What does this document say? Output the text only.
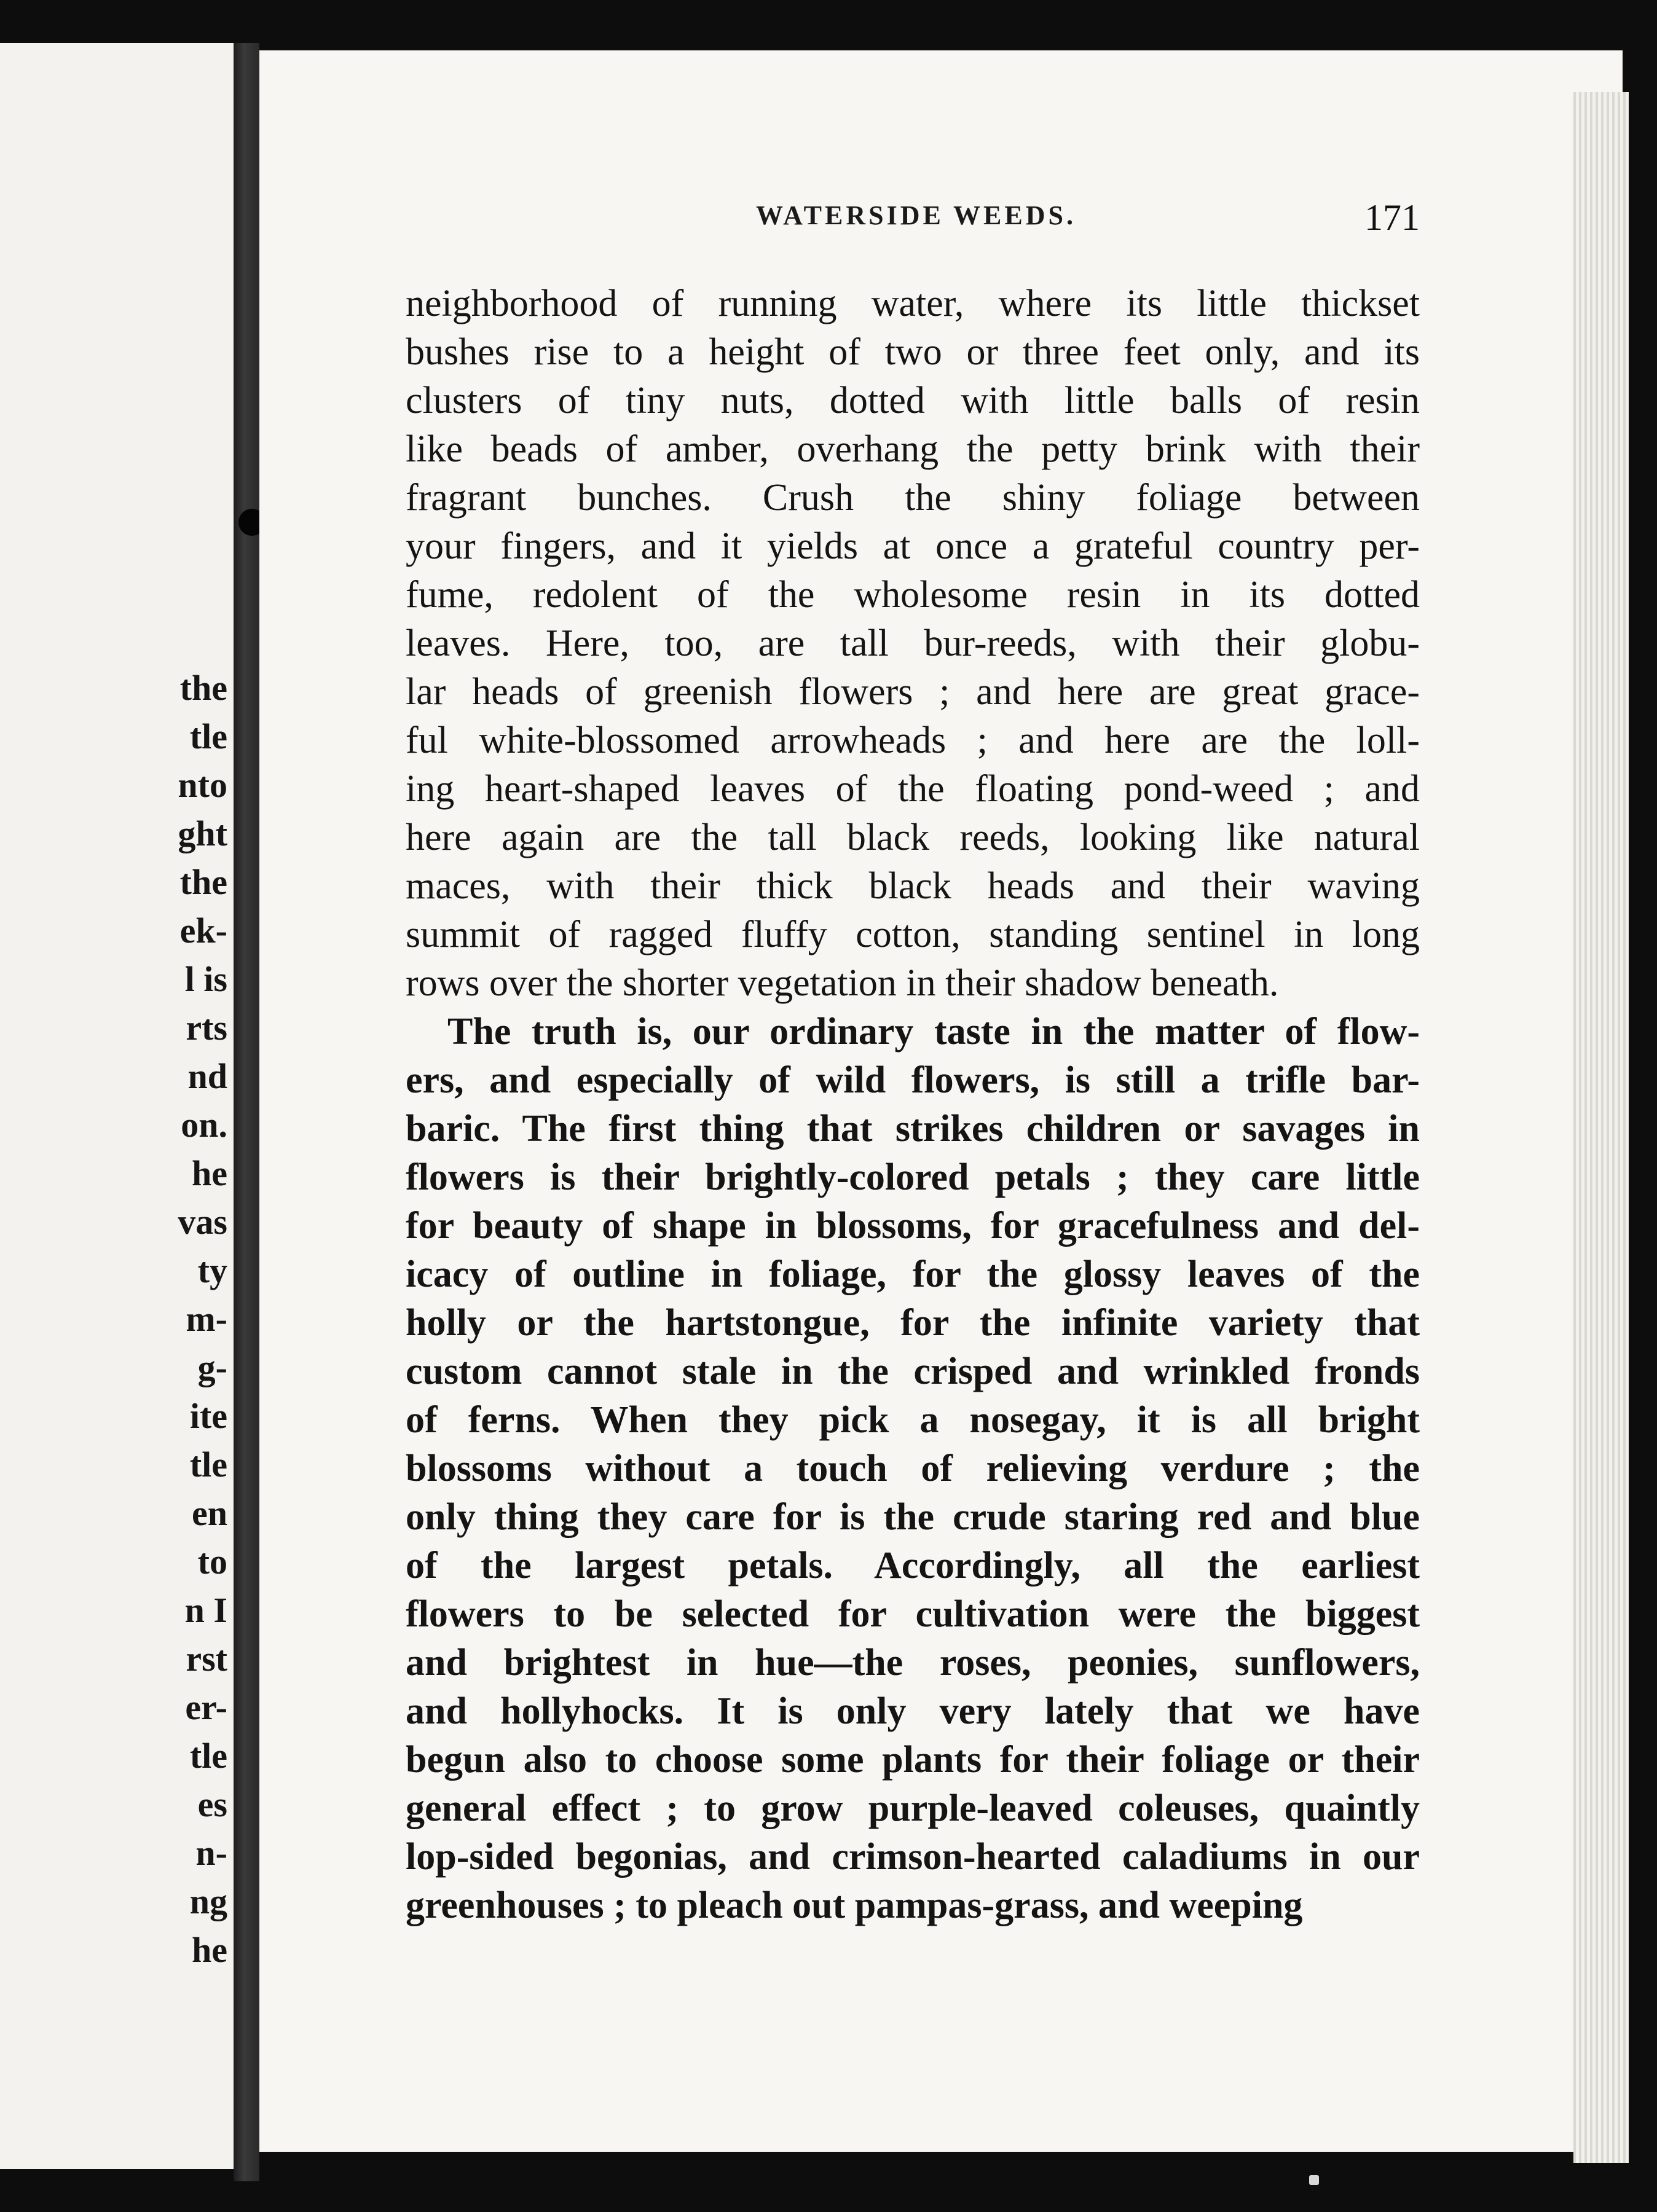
the
tle
nto
ght
the
ek-
l is
rts
nd
on.
he
vas
ty
m-
g-
ite
tle
en
to
n I
rst
er-
tle
es
n-
ng
he

WATERSIDE WEEDS.	171

neighborhood of running water, where its little thickset
bushes rise to a height of two or three feet only, and its
clusters of tiny nuts, dotted with little balls of resin
like beads of amber, overhang the petty brink with their
fragrant bunches. Crush the shiny foliage between
your fingers, and it yields at once a grateful country per-
fume, redolent of the wholesome resin in its dotted
leaves. Here, too, are tall bur-reeds, with their globu-
lar heads of greenish flowers ; and here are great grace-
ful white-blossomed arrowheads ; and here are the loll-
ing heart-shaped leaves of the floating pond-weed ; and
here again are the tall black reeds, looking like natural
maces, with their thick black heads and their waving
summit of ragged fluffy cotton, standing sentinel in long
rows over the shorter vegetation in their shadow beneath.
The truth is, our ordinary taste in the matter of flow-
ers, and especially of wild flowers, is still a trifle bar-
baric. The first thing that strikes children or savages in
flowers is their brightly-colored petals ; they care little
for beauty of shape in blossoms, for gracefulness and del-
icacy of outline in foliage, for the glossy leaves of the
holly or the hartstongue, for the infinite variety that
custom cannot stale in the crisped and wrinkled fronds
of ferns. When they pick a nosegay, it is all bright
blossoms without a touch of relieving verdure ; the
only thing they care for is the crude staring red and blue
of the largest petals. Accordingly, all the earliest
flowers to be selected for cultivation were the biggest
and brightest in hue—the roses, peonies, sunflowers,
and hollyhocks. It is only very lately that we have
begun also to choose some plants for their foliage or their
general effect ; to grow purple-leaved coleuses, quaintly
lop-sided begonias, and crimson-hearted caladiums in our
greenhouses ; to pleach out pampas-grass, and weeping
